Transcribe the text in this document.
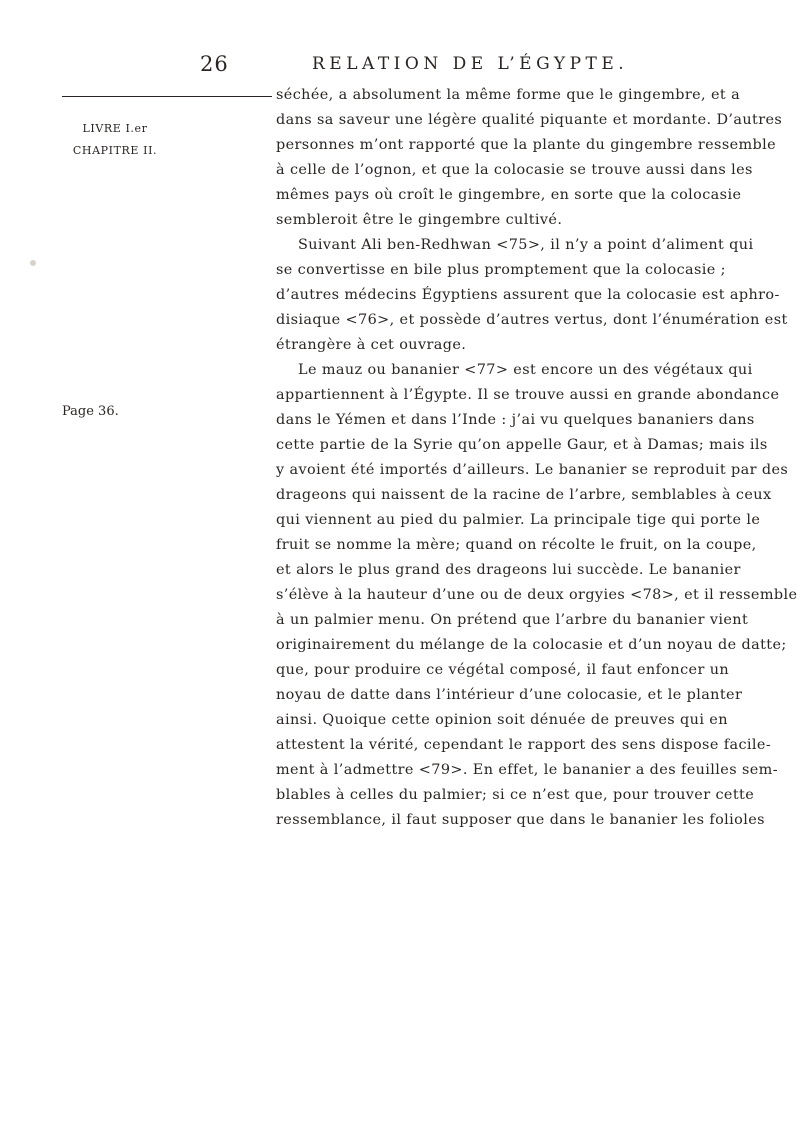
26	RELATION DE L’ÉGYPTE.
LIVRE I.er
CHAPITRE II.
Page 36.
séchée, a absolument la même forme que le gingembre, et a
dans sa saveur une légère qualité piquante et mordante. D’autres
personnes m’ont rapporté que la plante du gingembre ressemble
à celle de l’ognon, et que la colocasie se trouve aussi dans les
mêmes pays où croît le gingembre, en sorte que la colocasie
sembleroit être le gingembre cultivé.
Suivant Ali ben-Redhwan <75>, il n’y a point d’aliment qui
se convertisse en bile plus promptement que la colocasie ;
d’autres médecins Égyptiens assurent que la colocasie est aphro-
disiaque <76>, et possède d’autres vertus, dont l’énumération est
étrangère à cet ouvrage.
Le mauz ou bananier <77> est encore un des végétaux qui
appartiennent à l’Égypte. Il se trouve aussi en grande abondance
dans le Yémen et dans l’Inde : j’ai vu quelques bananiers dans
cette partie de la Syrie qu’on appelle Gaur, et à Damas; mais ils
y avoient été importés d’ailleurs. Le bananier se reproduit par des
drageons qui naissent de la racine de l’arbre, semblables à ceux
qui viennent au pied du palmier. La principale tige qui porte le
fruit se nomme la mère; quand on récolte le fruit, on la coupe,
et alors le plus grand des drageons lui succède. Le bananier
s’élève à la hauteur d’une ou de deux orgyies <78>, et il ressemble
à un palmier menu. On prétend que l’arbre du bananier vient
originairement du mélange de la colocasie et d’un noyau de datte;
que, pour produire ce végétal composé, il faut enfoncer un
noyau de datte dans l’intérieur d’une colocasie, et le planter
ainsi. Quoique cette opinion soit dénuée de preuves qui en
attestent la vérité, cependant le rapport des sens dispose facile-
ment à l’admettre <79>. En effet, le bananier a des feuilles sem-
blables à celles du palmier; si ce n’est que, pour trouver cette
ressemblance, il faut supposer que dans le bananier les folioles
